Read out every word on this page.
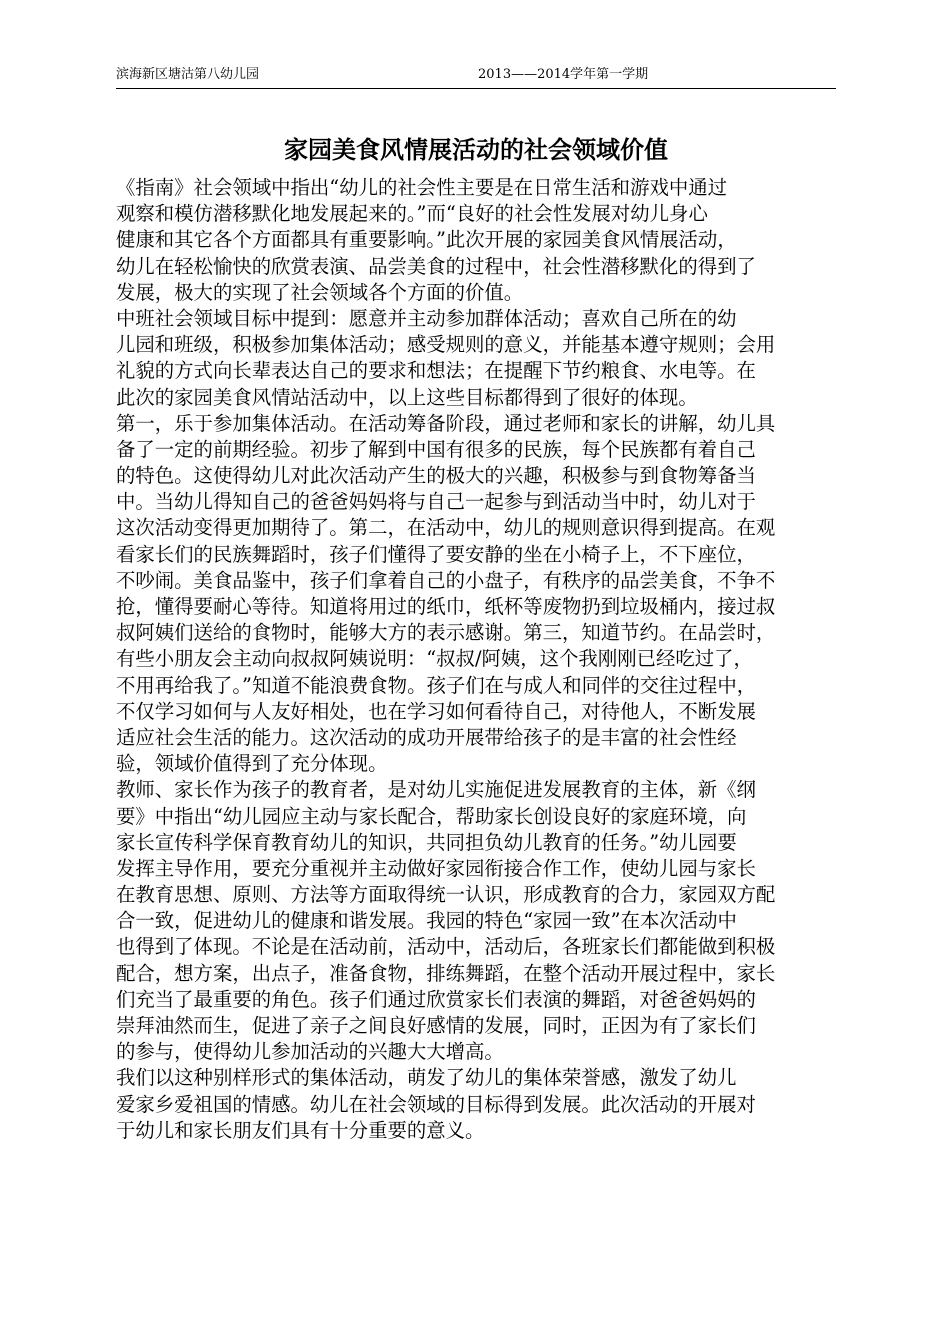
滨海新区塘沽第八幼儿园	2013——2014学年第一学期
家园美食风情展活动的社会领域价值
《指南》社会领域中指出“幼儿的社会性主要是在日常生活和游戏中通过
观察和模仿潜移默化地发展起来的。”而“良好的社会性发展对幼儿身心
健康和其它各个方面都具有重要影响。”此次开展的家园美食风情展活动，
幼儿在轻松愉快的欣赏表演、品尝美食的过程中，社会性潜移默化的得到了
发展，极大的实现了社会领域各个方面的价值。
中班社会领域目标中提到：愿意并主动参加群体活动；喜欢自己所在的幼
儿园和班级，积极参加集体活动；感受规则的意义，并能基本遵守规则；会用
礼貌的方式向长辈表达自己的要求和想法；在提醒下节约粮食、水电等。在
此次的家园美食风情站活动中，以上这些目标都得到了很好的体现。
第一，乐于参加集体活动。在活动筹备阶段，通过老师和家长的讲解，幼儿具
备了一定的前期经验。初步了解到中国有很多的民族，每个民族都有着自己
的特色。这使得幼儿对此次活动产生的极大的兴趣，积极参与到食物筹备当
中。当幼儿得知自己的爸爸妈妈将与自己一起参与到活动当中时，幼儿对于
这次活动变得更加期待了。第二，在活动中，幼儿的规则意识得到提高。在观
看家长们的民族舞蹈时，孩子们懂得了要安静的坐在小椅子上，不下座位，
不吵闹。美食品鉴中，孩子们拿着自己的小盘子，有秩序的品尝美食，不争不
抢，懂得要耐心等待。知道将用过的纸巾，纸杯等废物扔到垃圾桶内，接过叔
叔阿姨们送给的食物时，能够大方的表示感谢。第三，知道节约。在品尝时，
有些小朋友会主动向叔叔阿姨说明：“叔叔/阿姨，这个我刚刚已经吃过了，
不用再给我了。”知道不能浪费食物。孩子们在与成人和同伴的交往过程中，
不仅学习如何与人友好相处，也在学习如何看待自己，对待他人，不断发展
适应社会生活的能力。这次活动的成功开展带给孩子的是丰富的社会性经
验，领域价值得到了充分体现。
教师、家长作为孩子的教育者，是对幼儿实施促进发展教育的主体，新《纲
要》中指出“幼儿园应主动与家长配合，帮助家长创设良好的家庭环境，向
家长宣传科学保育教育幼儿的知识，共同担负幼儿教育的任务。”幼儿园要
发挥主导作用，要充分重视并主动做好家园衔接合作工作，使幼儿园与家长
在教育思想、原则、方法等方面取得统一认识，形成教育的合力，家园双方配
合一致，促进幼儿的健康和谐发展。我园的特色“家园一致”在本次活动中
也得到了体现。不论是在活动前，活动中，活动后，各班家长们都能做到积极
配合，想方案，出点子，准备食物，排练舞蹈，在整个活动开展过程中，家长
们充当了最重要的角色。孩子们通过欣赏家长们表演的舞蹈，对爸爸妈妈的
崇拜油然而生，促进了亲子之间良好感情的发展，同时，正因为有了家长们
的参与，使得幼儿参加活动的兴趣大大增高。
我们以这种别样形式的集体活动，萌发了幼儿的集体荣誉感，激发了幼儿
爱家乡爱祖国的情感。幼儿在社会领域的目标得到发展。此次活动的开展对
于幼儿和家长朋友们具有十分重要的意义。
